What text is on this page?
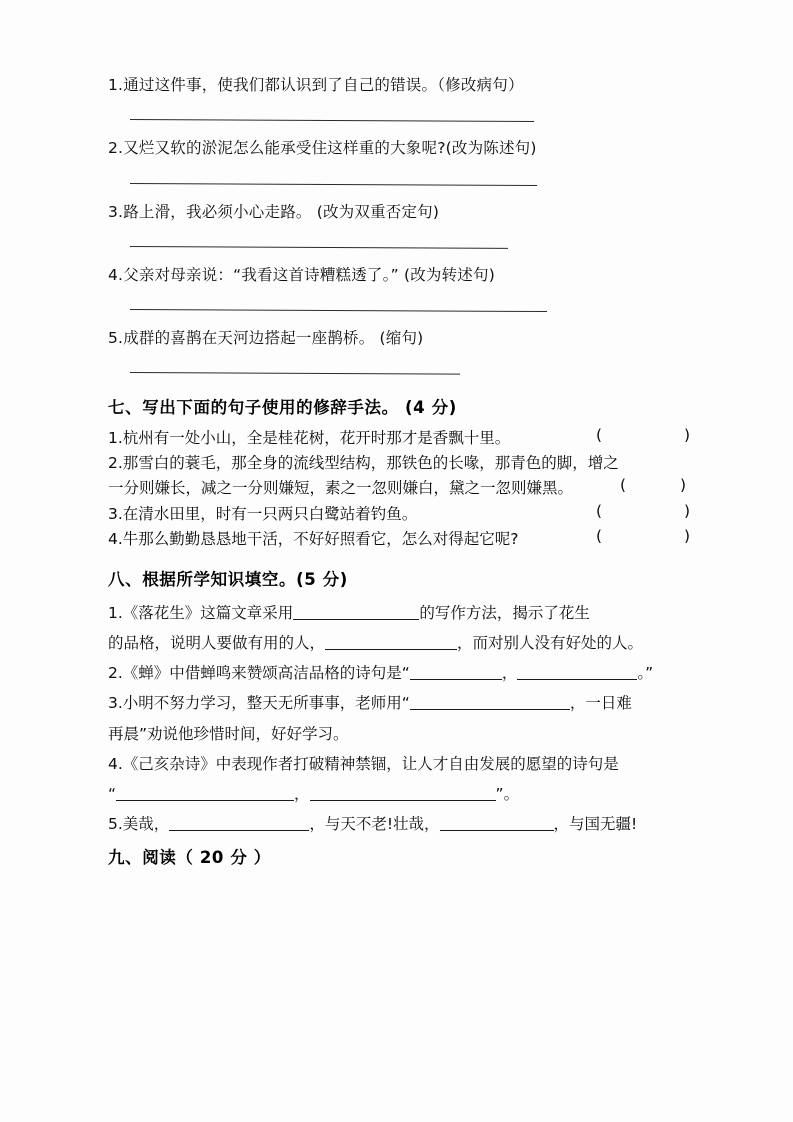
1.通过这件事，使我们都认识到了自己的错误。（修改病句）
2.又烂又软的淤泥怎么能承受住这样重的大象呢?(改为陈述句)
3.路上滑，我必须小心走路。 (改为双重否定句)
4.父亲对母亲说：“我看这首诗糟糕透了。” (改为转述句)
5.成群的喜鹊在天河边搭起一座鹊桥。 (缩句)
七、写出下面的句子使用的修辞手法。 (4 分)
1. 杭州有一处小山，全是桂花树，花开时那才是香飘十里。	(	)
2. 那雪白的蓑毛，那全身的流线型结构，那铁色的长喙，那青色的脚，增之
一分则嫌长，减之一分则嫌短，素之一忽则嫌白，黛之一忽则嫌黑。	(	)
3. 在清水田里，时有一只两只白鹭站着钓鱼。	(	)
4. 牛那么勤勤恳恳地干活，不好好照看它，怎么对得起它呢?	(	)
八、根据所学知识填空。(5 分)
1.《落花生》这篇文章采用	的写作方法，揭示了花生
的品格，说明人要做有用的人，	，而对别人没有好处的人。
2.《蝉》中借蝉鸣来赞颂高洁品格的诗句是“	，	。”
3.小明不努力学习，整天无所事事，老师用“	，一日难
再晨”劝说他珍惜时间，好好学习。
4.《己亥杂诗》中表现作者打破精神禁锢，让人才自由发展的愿望的诗句是
“	，	”。
5.美哉，	，与天不老!壮哉，	，与国无疆!
九、阅读（ 20 分 ）
